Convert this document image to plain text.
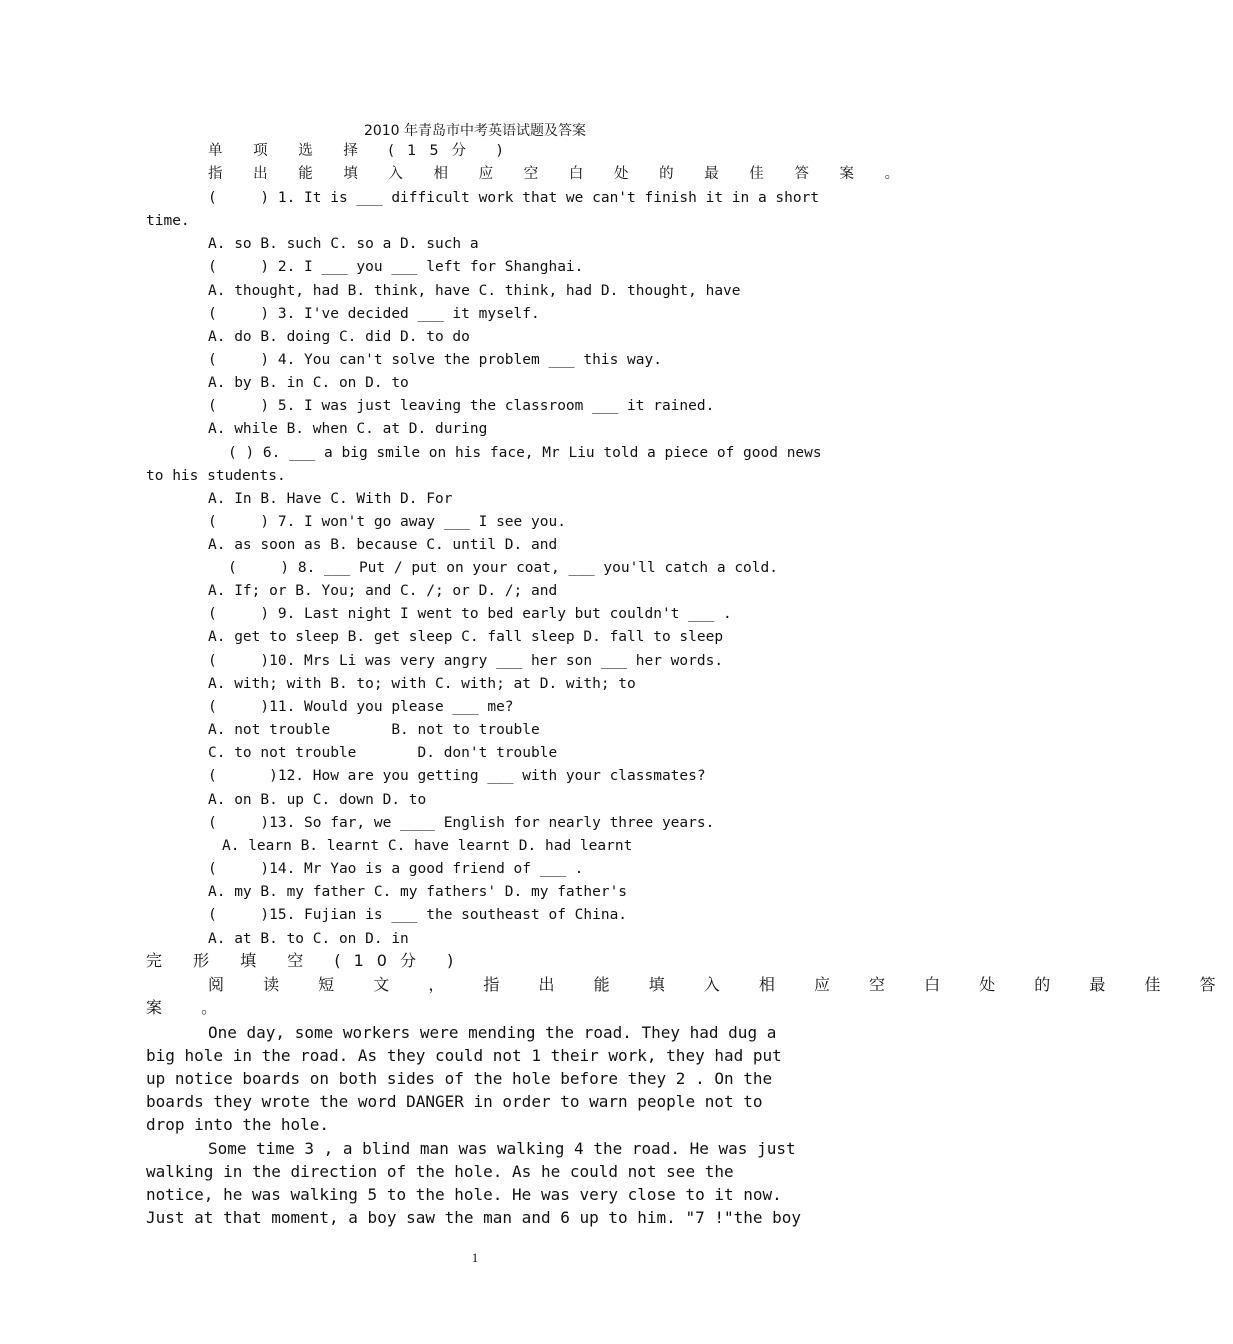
2010 年青岛市中考英语试题及答案
单 项 选 择 (15分 )
指 出 能 填 入 相 应 空 白 处 的 最 佳 答 案 。
(     ) 1. It is ___ difficult work that we can't finish it in a short
time.
A. so B. such C. so a D. such a
(     ) 2. I ___ you ___ left for Shanghai.
A. thought, had B. think, have C. think, had D. thought, have
(     ) 3. I've decided ___ it myself.
A. do B. doing C. did D. to do
(     ) 4. You can't solve the problem ___ this way.
A. by B. in C. on D. to
(     ) 5. I was just leaving the classroom ___ it rained.
A. while B. when C. at D. during
( ) 6. ___ a big smile on his face, Mr Liu told a piece of good news
to his students.
A. In B. Have C. With D. For
(     ) 7. I won't go away ___ I see you.
A. as soon as B. because C. until D. and
(     ) 8. ___ Put / put on your coat, ___ you'll catch a cold.
A. If; or B. You; and C. /; or D. /; and
(     ) 9. Last night I went to bed early but couldn't ___ .
A. get to sleep B. get sleep C. fall sleep D. fall to sleep
(     )10. Mrs Li was very angry ___ her son ___ her words.
A. with; with B. to; with C. with; at D. with; to
(     )11. Would you please ___ me?
A. not trouble       B. not to trouble
C. to not trouble       D. don't trouble
(      )12. How are you getting ___ with your classmates?
A. on B. up C. down D. to
(     )13. So far, we ____ English for nearly three years.
A. learn B. learnt C. have learnt D. had learnt
(     )14. Mr Yao is a good friend of ___ .
A. my B. my father C. my fathers' D. my father's
(     )15. Fujian is ___ the southeast of China.
A. at B. to C. on D. in
完 形 填 空 (10分 )
阅 读 短 文 ， 指 出 能 填 入 相 应 空 白 处 的 最 佳 答
案 。
One day, some workers were mending the road. They had dug a
big hole in the road. As they could not 1 their work, they had put
up notice boards on both sides of the hole before they 2 . On the
boards they wrote the word DANGER in order to warn people not to
drop into the hole.
Some time 3 , a blind man was walking 4 the road. He was just
walking in the direction of the hole. As he could not see the
notice, he was walking 5 to the hole. He was very close to it now.
Just at that moment, a boy saw the man and 6 up to him. "7 !"the boy
1
